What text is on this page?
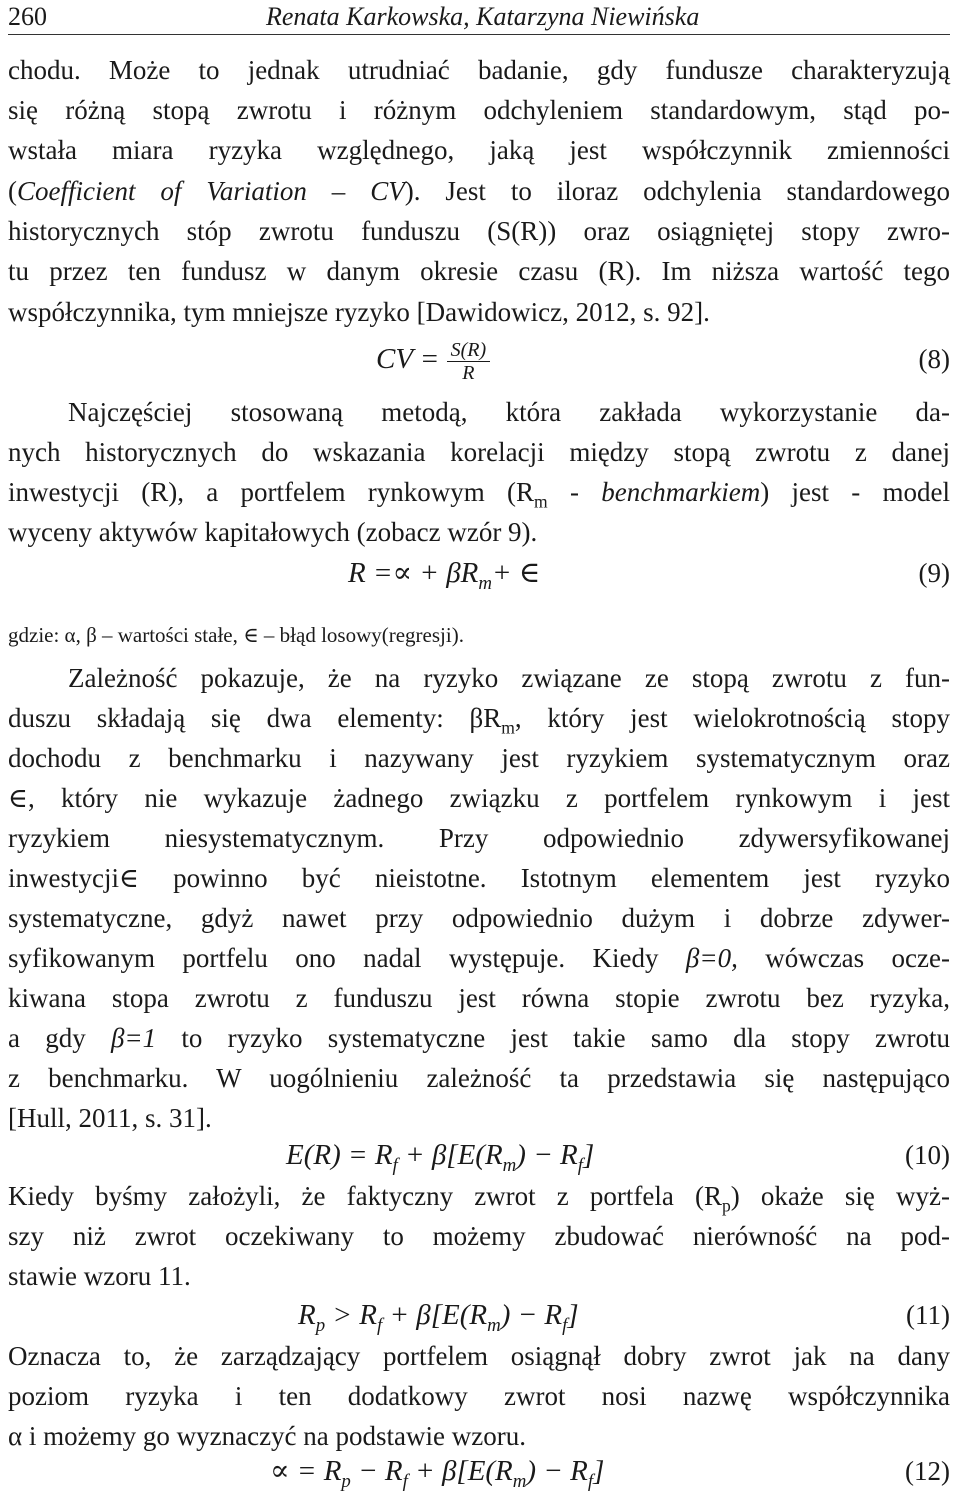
260	Renata Karkowska, Katarzyna Niewińska
chodu. Może to jednak utrudniać badanie, gdy fundusze charakteryzują
się różną stopą zwrotu i różnym odchyleniem standardowym, stąd po-
wstała miara ryzyka względnego, jaką jest współczynnik zmienności
(Coefficient of Variation – CV). Jest to iloraz odchylenia standardowego
historycznych stóp zwrotu funduszu (S(R)) oraz osiągniętej stopy zwro-
tu przez ten fundusz w danym okresie czasu (R). Im niższa wartość tego
współczynnika, tym mniejsze ryzyko [Dawidowicz, 2012, s. 92].
CV = $\frac{S(R)}{R}$	(8)
Najczęściej stosowaną metodą, która zakłada wykorzystanie da-
nych historycznych do wskazania korelacji między stopą zwrotu z danej
inwestycji (R), a portfelem rynkowym ($R_m$ - benchmarkiem) jest - model
wyceny aktywów kapitałowych (zobacz wzór 9).
R =∝ + $\beta R_m+$ ∈	(9)
gdzie: α, β – wartości stałe, ∈ – błąd losowy(regresji).
Zależność pokazuje, że na ryzyko związane ze stopą zwrotu z fun-
duszu składają się dwa elementy: $\beta R_m$, który jest wielokrotnością stopy
dochodu z benchmarku i nazywany jest ryzykiem systematycznym oraz
∈, który nie wykazuje żadnego związku z portfelem rynkowym i jest
ryzykiem niesystematycznym. Przy odpowiednio zdywersyfikowanej
inwestycji∈ powinno być nieistotne. Istotnym elementem jest ryzyko
systematyczne, gdyż nawet przy odpowiednio dużym i dobrze zdywer-
syfikowanym portfelu ono nadal występuje. Kiedy β=0, wówczas ocze-
kiwana stopa zwrotu z funduszu jest równa stopie zwrotu bez ryzyka,
a gdy β=1 to ryzyko systematyczne jest takie samo dla stopy zwrotu
z benchmarku. W uogólnieniu zależność ta przedstawia się następująco
[Hull, 2011, s. 31].
$E(R) = R_f + \beta[E(R_m) - R_f]$	(10)
Kiedy byśmy założyli, że faktyczny zwrot z portfela $(R_p)$ okaże się wyż-
szy niż zwrot oczekiwany to możemy zbudować nierówność na pod-
stawie wzoru 11.
$R_p > R_f + \beta[E(R_m) - R_f]$	(11)
Oznacza to, że zarządzający portfelem osiągnął dobry zwrot jak na dany
poziom ryzyka i ten dodatkowy zwrot nosi nazwę współczynnika
α i możemy go wyznaczyć na podstawie wzoru.
∝ = $R_p - R_f + \beta[E(R_m) - R_f]$	(12)
